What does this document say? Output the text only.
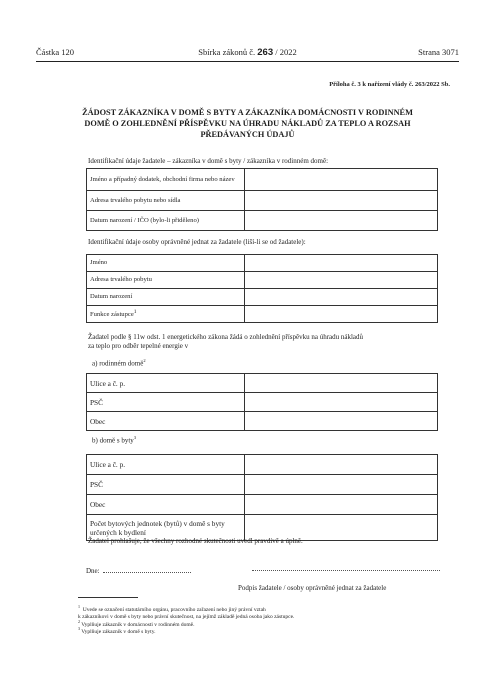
Částka 120	Sbírka zákonů č. 263 / 2022	Strana 3071
Příloha č. 3 k nařízení vlády č. 263/2022 Sb.
ŽÁDOST ZÁKAZNÍKA V DOMĚ S BYTY A ZÁKAZNÍKA DOMÁCNOSTI V RODINNÉM
DOMĚ O ZOHLEDNĚNÍ PŘÍSPĚVKU NA ÚHRADU NÁKLADŮ ZA TEPLO A ROZSAH
PŘEDÁVANÝCH ÚDAJŮ
Identifikační údaje žadatele – zákazníka v domě s byty / zákazníka v rodinném domě:
Jméno a případný dodatek, obchodní firma nebo název	
Adresa trvalého pobytu nebo sídla	
Datum narození / IČO (bylo-li přiděleno)	
Identifikační údaje osoby oprávněné jednat za žadatele (liší-li se od žadatele):
Jméno	
Adresa trvalého pobytu	
Datum narození	
Funkce zástupce$^1$	
Žadatel podle § 11w odst. 1 energetického zákona žádá o zohlednění příspěvku na úhradu nákladů
za teplo pro odběr tepelné energie v
a) rodinném domě$^2$
Ulice a č. p.	
PSČ	
Obec	
b) domě s byty$^3$
Ulice a č. p.	
PSČ	
Obec	
Počet bytových jednotek (bytů) v domě s byty určených k bydlení	
Žadatel prohlašuje, že všechny rozhodné skutečnosti uvedl pravdivě a úplně.
Dne:
Podpis žadatele / osoby oprávněné jednat za žadatele
$^1$  Uvede se označení statutárního orgánu, pracovního zařazení nebo jiný právní vztah
k zákazníkovi v domě s byty nebo právní skutečnost, na jejímž základě jedná osoba jako zástupce.
$^2$ Vyplňuje zákazník v domácnosti v rodinném domě.
$^3$ Vyplňuje zákazník v domě s byty.
